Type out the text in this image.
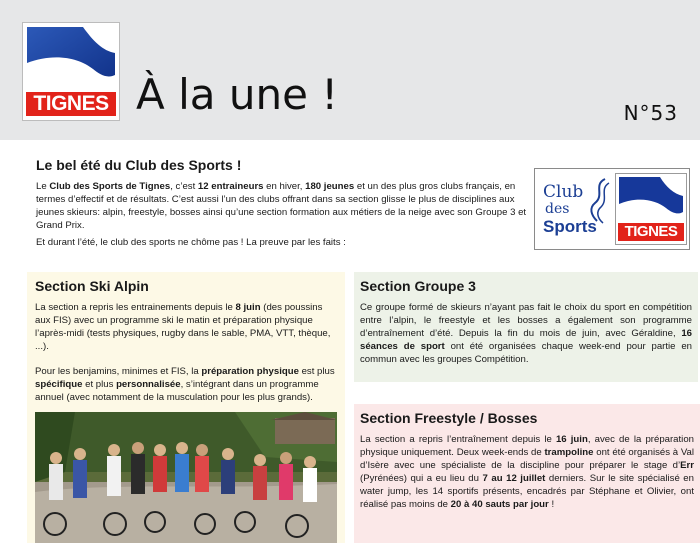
TIGNES À la une !	N°53
Le bel été du Club des Sports !

Le Club des Sports de Tignes, c’est 12 entraineurs en hiver, 180 jeunes et un des plus gros clubs français, en termes d’effectif et de résultats. C’est aussi l’un des clubs offrant dans sa section glisse le plus de disciplines aux jeunes skieurs: alpin, freestyle, bosses ainsi qu’une section formation aux métiers de la neige avec son Groupe 3 et Grand Prix.

Et durant l’été, le club des sports ne chôme pas ! La preuve par les faits :

Club
des
Sports	TIGNES
Section Ski Alpin

La section a repris les entrainements depuis le 8 juin (des poussins aux FIS) avec un programme ski le matin et préparation physique l’après-midi (tests physiques, rugby dans le sable, PMA, VTT, thèque, ...).

Pour les benjamins, minimes et FIS, la préparation physique est plus spécifique et plus personnalisée, s’intégrant dans un programme annuel (avec notamment de la musculation pour les plus grands).

Section Groupe 3

Ce groupe formé de skieurs n’ayant pas fait le choix du sport en compétition entre l’alpin, le freestyle et les bosses a également son programme d’entraînement d’été. Depuis la fin du mois de juin, avec Géraldine, 16 séances de sport ont été organisées chaque week-end pour partie en commun avec les groupes Compétition.

Section Freestyle / Bosses

La section a repris l’entraînement depuis le 16 juin, avec de la préparation physique uniquement. Deux week-ends de trampoline ont été organisés à Val d’Isère avec une spécialiste de la discipline pour préparer le stage d’Err (Pyrénées) qui a eu lieu du 7 au 12 juillet derniers. Sur le site spécialisé en water jump, les 14 sportifs présents, encadrés par Stéphane et Olivier, ont réalisé pas moins de 20 à 40 sauts par jour !
